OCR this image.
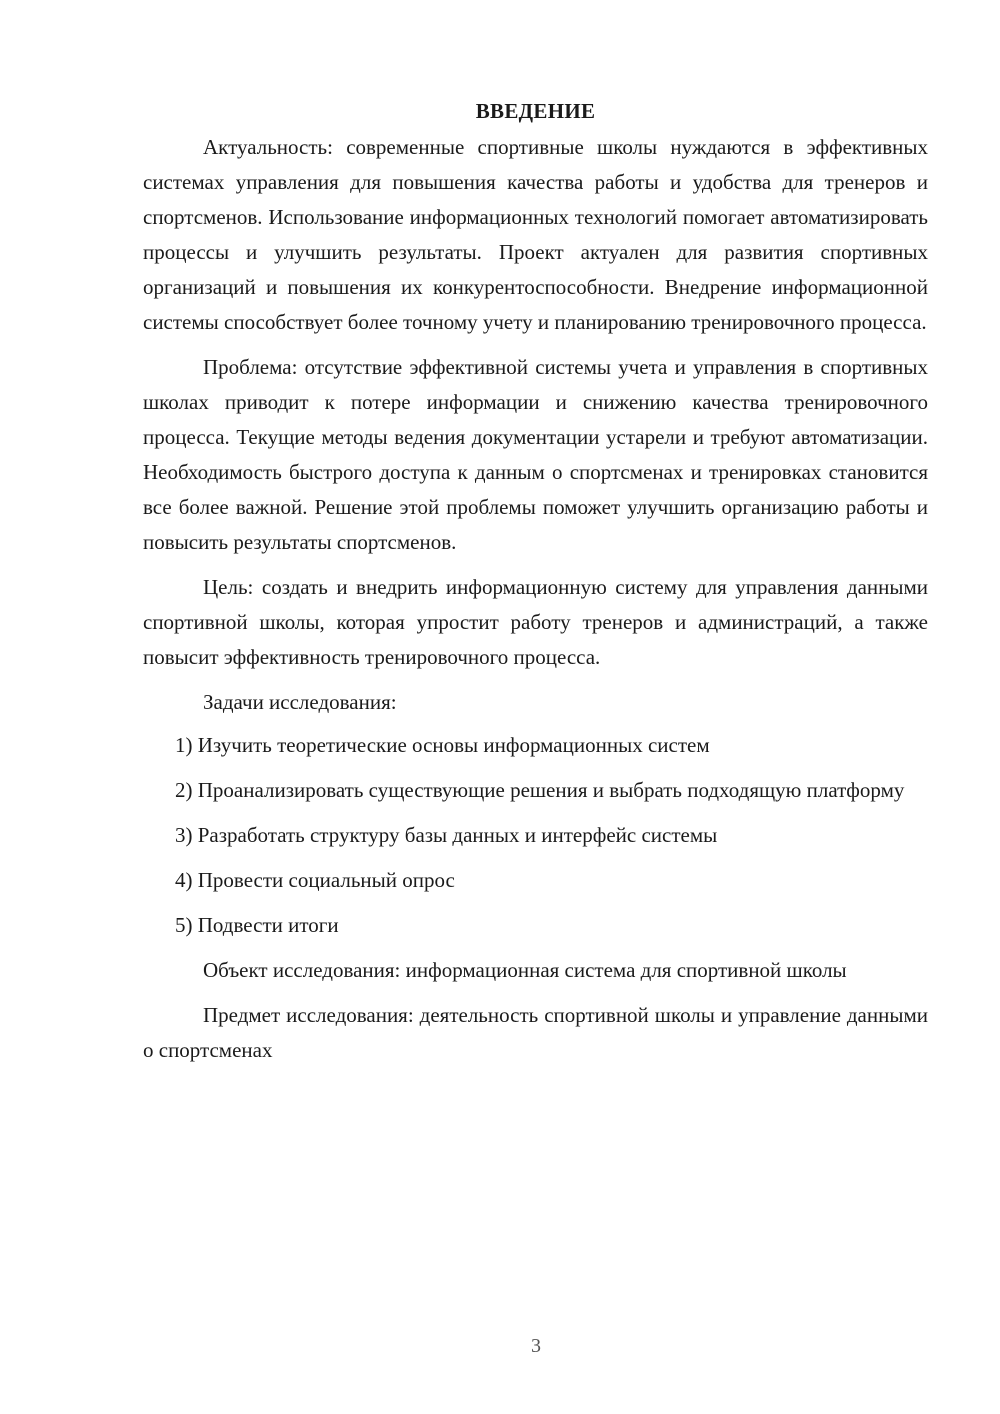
ВВЕДЕНИЕ

Актуальность: современные спортивные школы нуждаются в эффективных системах управления для повышения качества работы и удобства для тренеров и спортсменов. Использование информационных технологий помогает автоматизировать процессы и улучшить результаты. Проект актуален для развития спортивных организаций и повышения их конкурентоспособности. Внедрение информационной системы способствует более точному учету и планированию тренировочного процесса.

Проблема: отсутствие эффективной системы учета и управления в спортивных школах приводит к потере информации и снижению качества тренировочного процесса. Текущие методы ведения документации устарели и требуют автоматизации. Необходимость быстрого доступа к данным о спортсменах и тренировках становится все более важной. Решение этой проблемы поможет улучшить организацию работы и повысить результаты спортсменов.

Цель: создать и внедрить информационную систему для управления данными спортивной школы, которая упростит работу тренеров и администраций, а также повысит эффективность тренировочного процесса.

Задачи исследования:

1) Изучить теоретические основы информационных систем

2) Проанализировать существующие решения и выбрать подходящую платформу

3) Разработать структуру базы данных и интерфейс системы

4) Провести социальный опрос

5) Подвести итоги

Объект исследования: информационная система для спортивной школы

Предмет исследования: деятельность спортивной школы и управление данными о спортсменах

3
